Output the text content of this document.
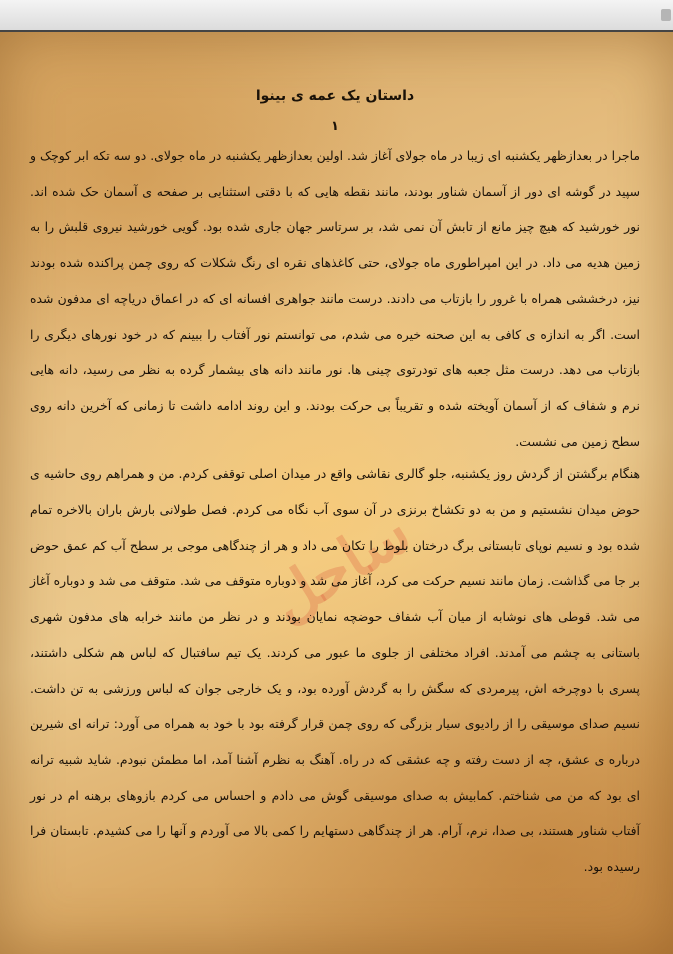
ساحل
داستان یک عمه ی بینوا
۱

ماجرا در بعدازظهر یکشنبه ای زیبا در ماه جولای آغاز شد. اولین بعدازظهر یکشنبه در ماه جولای. دو سه تکه ابر کوچک و سپید در گوشه ای دور از آسمان شناور بودند، مانند نقطه هایی که با دقتی استثنایی بر صفحه ی آسمان حک شده اند. نور خورشید که هیچ چیز مانع از تابش آن نمی شد، بر سرتاسر جهان جاری شده بود. گویی خورشید نیروی قلبش را به زمین هدیه می داد. در این امپراطوری ماه جولای، حتی کاغذهای نقره ای رنگ شکلات که روی چمن پراکنده شده بودند نیز، درخششی همراه با غرور را بازتاب می دادند. درست مانند جواهری افسانه ای که در اعماق دریاچه ای مدفون شده است. اگر به اندازه ی کافی به این صحنه خیره می شدم، می توانستم نور آفتاب را ببینم که در خود نورهای دیگری را بازتاب می دهد. درست مثل جعبه های تودرتوی چینی ها. نور مانند دانه های بیشمار گرده به نظر می رسید، دانه هایی نرم و شفاف که از آسمان آویخته شده و تقریباً بی حرکت بودند. و این روند ادامه داشت تا زمانی که آخرین دانه روی سطح زمین می نشست.

هنگام برگشتن از گردش روز یکشنبه، جلو گالری نقاشی واقع در میدان اصلی توقفی کردم. من و همراهم روی حاشیه ی حوض میدان نشستیم و من به دو تکشاخ برنزی در آن سوی آب نگاه می کردم. فصل طولانی بارش باران بالاخره تمام شده بود و نسیم نوپای تابستانی برگ درختان بلوط را تکان می داد و هر از چندگاهی موجی بر سطح آب کم عمق حوض بر جا می گذاشت. زمان مانند نسیم حرکت می کرد، آغاز می شد و دوباره متوقف می شد. متوقف می شد و دوباره آغاز می شد. قوطی های نوشابه از میان آب شفاف حوضچه نمایان بودند و در نظر من مانند خرابه های مدفون شهری باستانی به چشم می آمدند. افراد مختلفی از جلوی ما عبور می کردند. یک تیم سافتبال که لباس هم شکلی داشتند، پسری با دوچرخه اش، پیرمردی که سگش را به گردش آورده بود، و یک خارجی جوان که لباس ورزشی به تن داشت. نسیم صدای موسیقی را از رادیوی سیار بزرگی که روی چمن قرار گرفته بود با خود به همراه می آورد: ترانه ای شیرین درباره ی عشق، چه از دست رفته و چه عشقی که در راه. آهنگ به نظرم آشنا آمد، اما مطمئن نبودم. شاید شبیه ترانه ای بود که من می شناختم. کمابیش به صدای موسیقی گوش می دادم و احساس می کردم بازوهای برهنه ام در نور آفتاب شناور هستند، بی صدا، نرم، آرام. هر از چندگاهی دستهایم را کمی بالا می آوردم و آنها را می کشیدم. تابستان فرا رسیده بود.
